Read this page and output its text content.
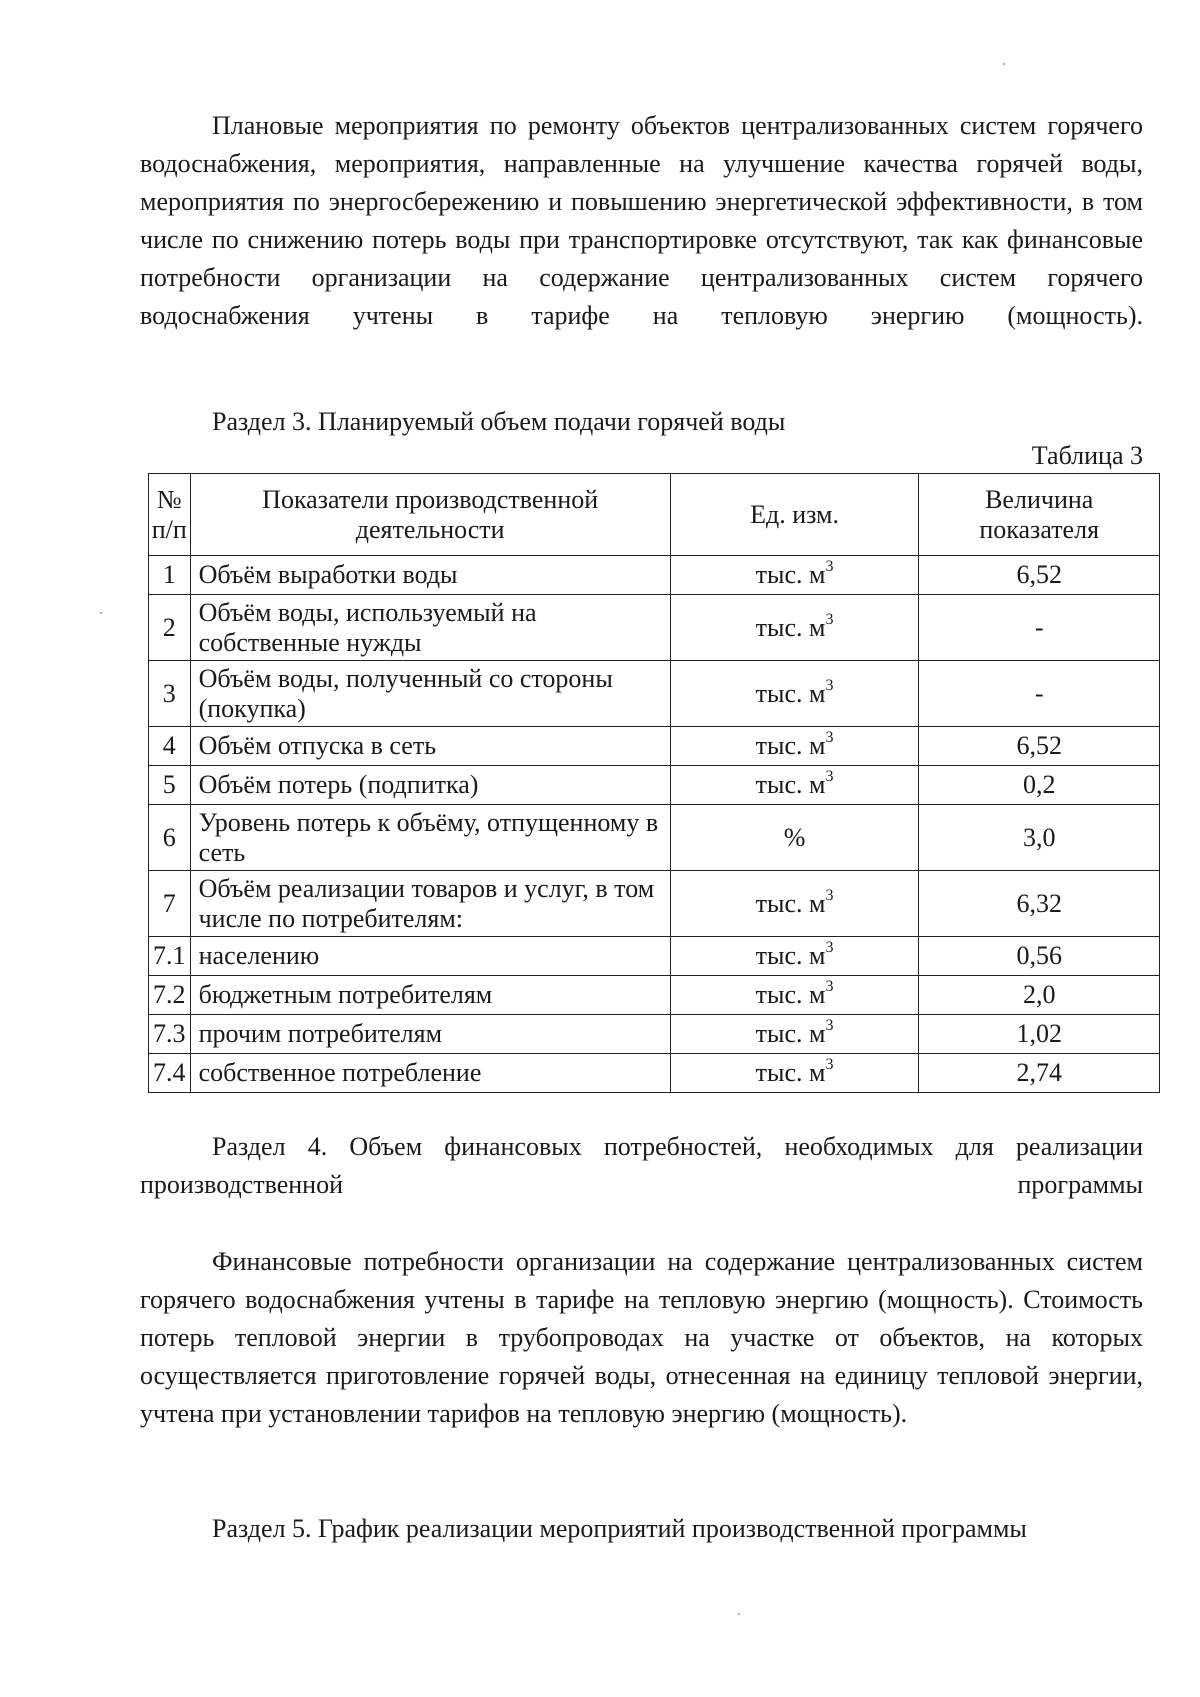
Плановые мероприятия по ремонту объектов централизованных систем горячего водоснабжения, мероприятия, направленные на улучшение качества горячей воды, мероприятия по энергосбережению и повышению энергетической эффективности, в том числе по снижению потерь воды при транспортировке отсутствуют, так как финансовые потребности организации на содержание централизованных систем горячего водоснабжения учтены в тарифе на тепловую энергию (мощность).

Раздел 3. Планируемый объем подачи горячей воды

Таблица 3

№ п/п	Показатели производственной деятельности	Ед. изм.	Величина показателя
1	Объём выработки воды	тыс. $м^3$	6,52
2	Объём воды, используемый на собственные нужды	тыс. $м^3$	-
3	Объём воды, полученный со стороны (покупка)	тыс. $м^3$	-
4	Объём отпуска в сеть	тыс. $м^3$	6,52
5	Объём потерь (подпитка)	тыс. $м^3$	0,2
6	Уровень потерь к объёму, отпущенному в сеть	%	3,0
7	Объём реализации товаров и услуг, в том числе по потребителям:	тыс. $м^3$	6,32
7.1	населению	тыс. $м^3$	0,56
7.2	бюджетным потребителям	тыс. $м^3$	2,0
7.3	прочим потребителям	тыс. $м^3$	1,02
7.4	собственное потребление	тыс. $м^3$	2,74

Раздел 4. Объем финансовых потребностей, необходимых для реализации производственной программы

Финансовые потребности организации на содержание централизованных систем горячего водоснабжения учтены в тарифе на тепловую энергию (мощность). Стоимость потерь тепловой энергии в трубопроводах на участке от объектов, на которых осуществляется приготовление горячей воды, отнесенная на единицу тепловой энергии, учтена при установлении тарифов на тепловую энергию (мощность).

Раздел 5. График реализации мероприятий производственной программы
